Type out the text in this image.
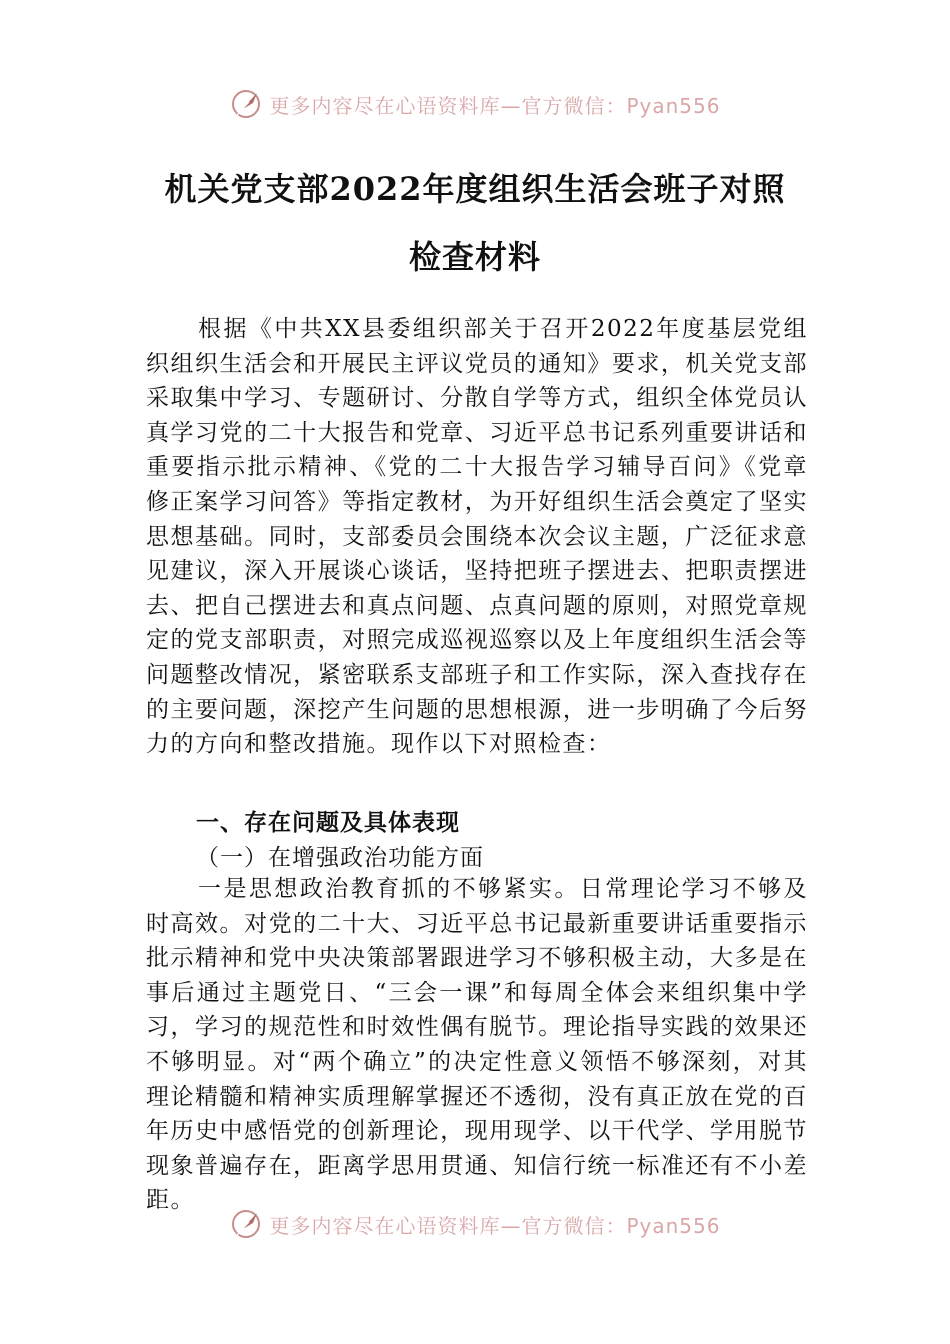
更多内容尽在心语资料库—官方微信：Pyan556
机关党支部2022年度组织生活会班子对照
检查材料
根据《中共XX县委组织部关于召开2022年度基层党组织组织生活会和开展民主评议党员的通知》要求，机关党支部采取集中学习、专题研讨、分散自学等方式，组织全体党员认真学习党的二十大报告和党章、习近平总书记系列重要讲话和重要指示批示精神、《党的二十大报告学习辅导百问》《党章修正案学习问答》等指定教材，为开好组织生活会奠定了坚实思想基础。同时，支部委员会围绕本次会议主题，广泛征求意见建议，深入开展谈心谈话，坚持把班子摆进去、把职责摆进去、把自己摆进去和真点问题、点真问题的原则，对照党章规定的党支部职责，对照完成巡视巡察以及上年度组织生活会等问题整改情况，紧密联系支部班子和工作实际，深入查找存在的主要问题，深挖产生问题的思想根源，进一步明确了今后努力的方向和整改措施。现作以下对照检查：
一、存在问题及具体表现
（一）在增强政治功能方面
一是思想政治教育抓的不够紧实。日常理论学习不够及时高效。对党的二十大、习近平总书记最新重要讲话重要指示批示精神和党中央决策部署跟进学习不够积极主动，大多是在事后通过主题党日、“三会一课”和每周全体会来组织集中学习，学习的规范性和时效性偶有脱节。理论指导实践的效果还不够明显。对“两个确立”的决定性意义领悟不够深刻，对其理论精髓和精神实质理解掌握还不透彻，没有真正放在党的百年历史中感悟党的创新理论，现用现学、以干代学、学用脱节现象普遍存在，距离学思用贯通、知信行统一标准还有不小差距。
更多内容尽在心语资料库—官方微信：Pyan556
